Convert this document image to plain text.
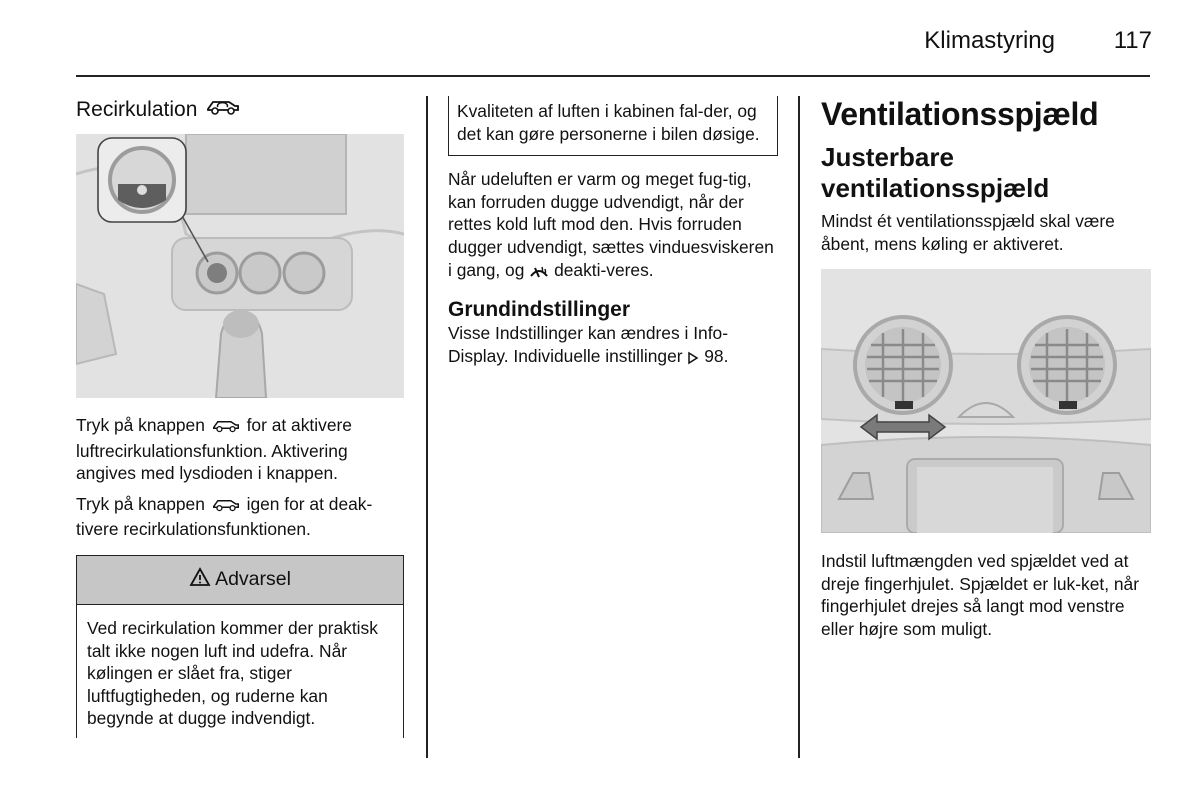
Klimastyring	117
Recirkulation

Tryk på knappen for at aktivere luftrecirkulationsfunktion. Aktivering angives med lysdioden i knappen.

Tryk på knappen igen for at deak-tivere recirkulationsfunktionen.

Advarsel

Ved recirkulation kommer der praktisk talt ikke nogen luft ind udefra. Når kølingen er slået fra, stiger luftfugtigheden, og ruderne kan begynde at dugge indvendigt.

Kvaliteten af luften i kabinen fal-der, og det kan gøre personerne i bilen døsige.

Når udeluften er varm og meget fug-tig, kan forruden dugge udvendigt, når der rettes kold luft mod den. Hvis forruden dugger udvendigt, sættes vinduesviskeren i gang, og deakti-veres.

Grundindstillinger

Visse Indstillinger kan ændres i Info-Display. Individuelle instillinger 98.

Ventilationsspjæld
Justerbare ventilationsspjæld

Mindst ét ventilationsspjæld skal være åbent, mens køling er aktiveret.

Indstil luftmængden ved spjældet ved at dreje fingerhjulet. Spjældet er luk-ket, når fingerhjulet drejes så langt mod venstre eller højre som muligt.
